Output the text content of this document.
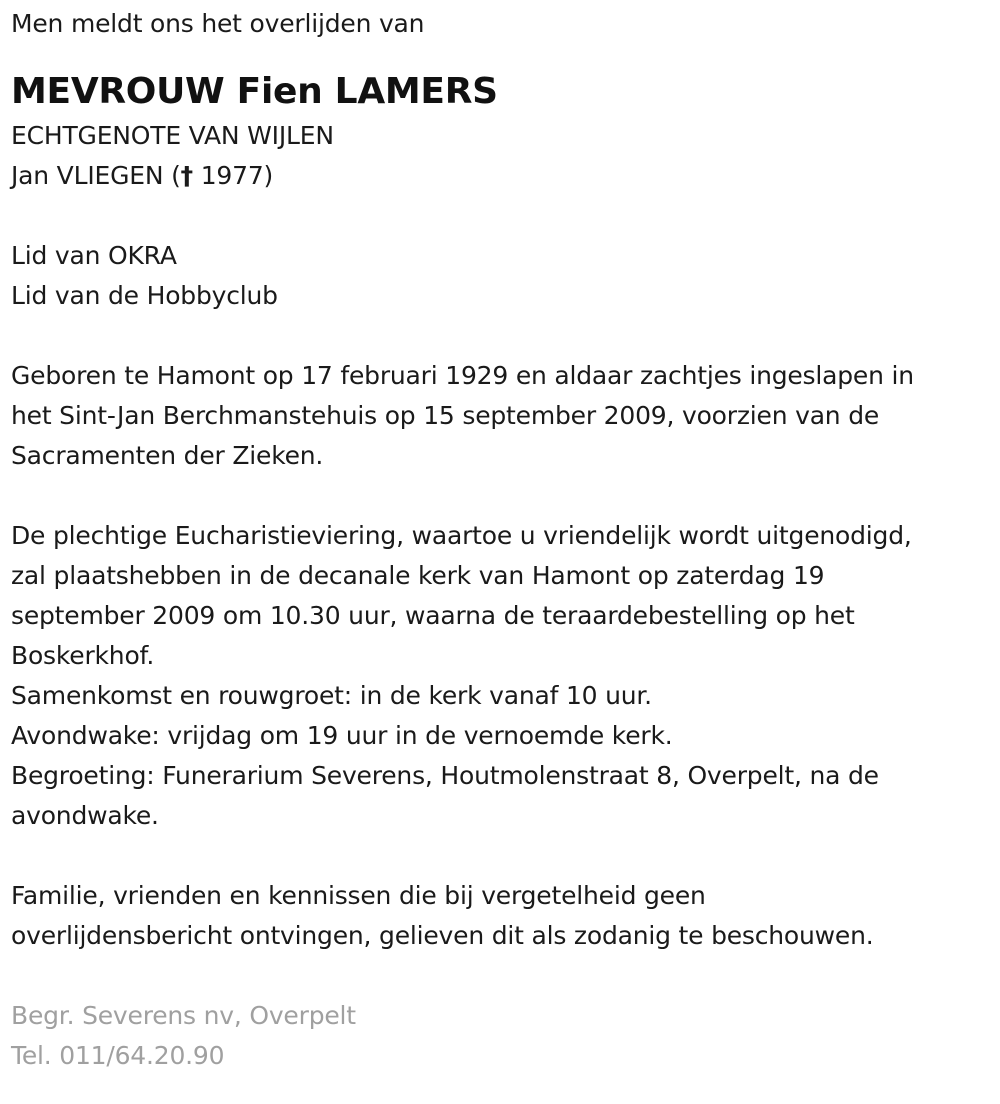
Men meldt ons het overlijden van
MEVROUW Fien LAMERS
ECHTGENOTE VAN WIJLEN
Jan VLIEGEN († 1977)
Lid van OKRA
Lid van de Hobbyclub
Geboren te Hamont op 17 februari 1929 en aldaar zachtjes ingeslapen in
het Sint-Jan Berchmanstehuis op 15 september 2009, voorzien van de
Sacramenten der Zieken.
De plechtige Eucharistieviering, waartoe u vriendelijk wordt uitgenodigd,
zal plaatshebben in de decanale kerk van Hamont op zaterdag 19
september 2009 om 10.30 uur, waarna de teraardebestelling op het
Boskerkhof.
Samenkomst en rouwgroet: in de kerk vanaf 10 uur.
Avondwake: vrijdag om 19 uur in de vernoemde kerk.
Begroeting: Funerarium Severens, Houtmolenstraat 8, Overpelt, na de
avondwake.
Familie, vrienden en kennissen die bij vergetelheid geen
overlijdensbericht ontvingen, gelieven dit als zodanig te beschouwen.
Begr. Severens nv, Overpelt
Tel. 011/64.20.90
